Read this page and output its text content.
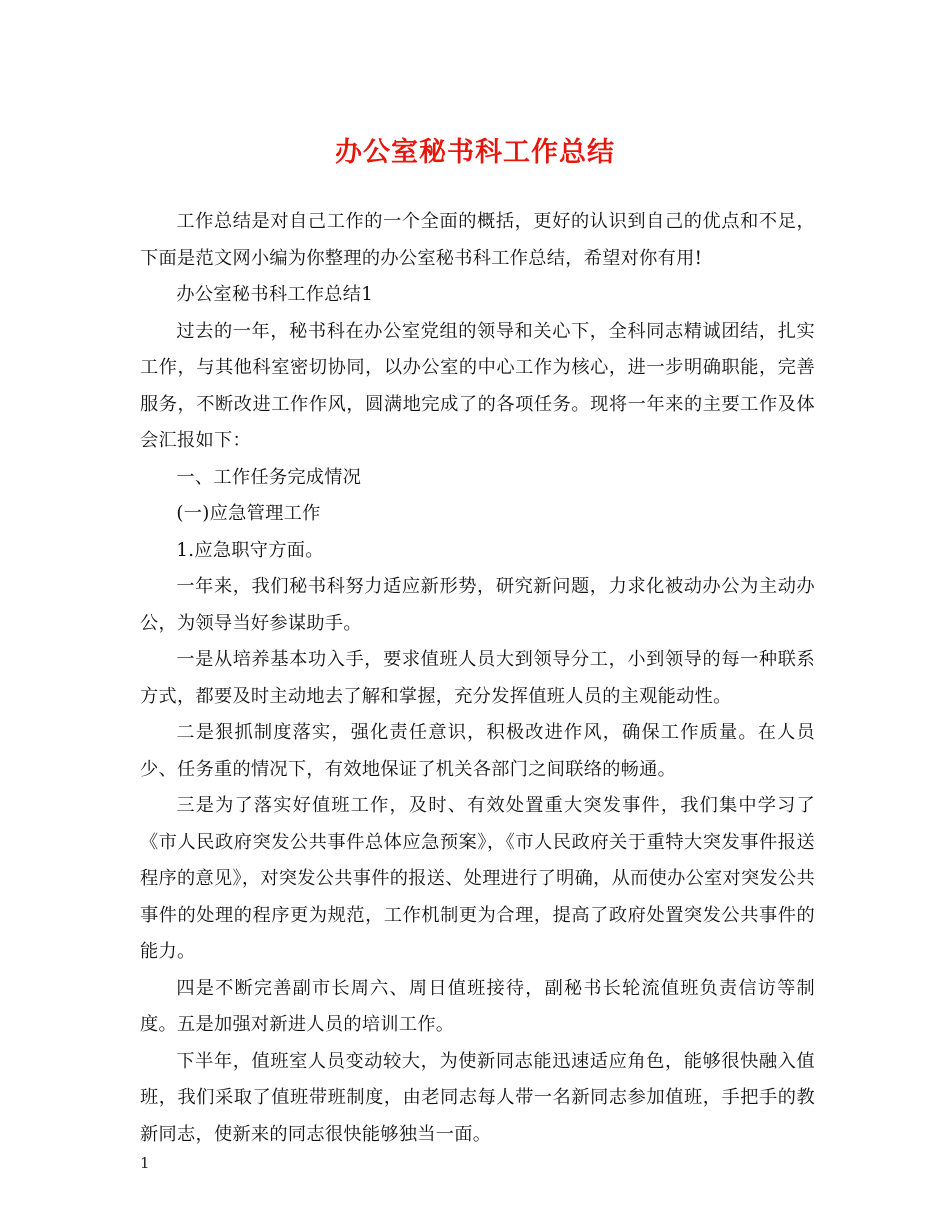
办公室秘书科工作总结

工作总结是对自己工作的一个全面的概括，更好的认识到自己的优点和不足，下面是范文网小编为你整理的办公室秘书科工作总结，希望对你有用!

办公室秘书科工作总结1

过去的一年，秘书科在办公室党组的领导和关心下，全科同志精诚团结，扎实工作，与其他科室密切协同，以办公室的中心工作为核心，进一步明确职能，完善服务，不断改进工作作风，圆满地完成了的各项任务。现将一年来的主要工作及体会汇报如下：

一、工作任务完成情况

(一)应急管理工作

1.应急职守方面。

一年来，我们秘书科努力适应新形势，研究新问题，力求化被动办公为主动办公，为领导当好参谋助手。

一是从培养基本功入手，要求值班人员大到领导分工，小到领导的每一种联系方式，都要及时主动地去了解和掌握，充分发挥值班人员的主观能动性。

二是狠抓制度落实，强化责任意识，积极改进作风，确保工作质量。在人员少、任务重的情况下，有效地保证了机关各部门之间联络的畅通。

三是为了落实好值班工作，及时、有效处置重大突发事件，我们集中学习了《市人民政府突发公共事件总体应急预案》，《市人民政府关于重特大突发事件报送程序的意见》，对突发公共事件的报送、处理进行了明确，从而使办公室对突发公共事件的处理的程序更为规范，工作机制更为合理，提高了政府处置突发公共事件的能力。

四是不断完善副市长周六、周日值班接待，副秘书长轮流值班负责信访等制度。五是加强对新进人员的培训工作。

下半年，值班室人员变动较大，为使新同志能迅速适应角色，能够很快融入值班，我们采取了值班带班制度，由老同志每人带一名新同志参加值班，手把手的教新同志，使新来的同志很快能够独当一面。

1
